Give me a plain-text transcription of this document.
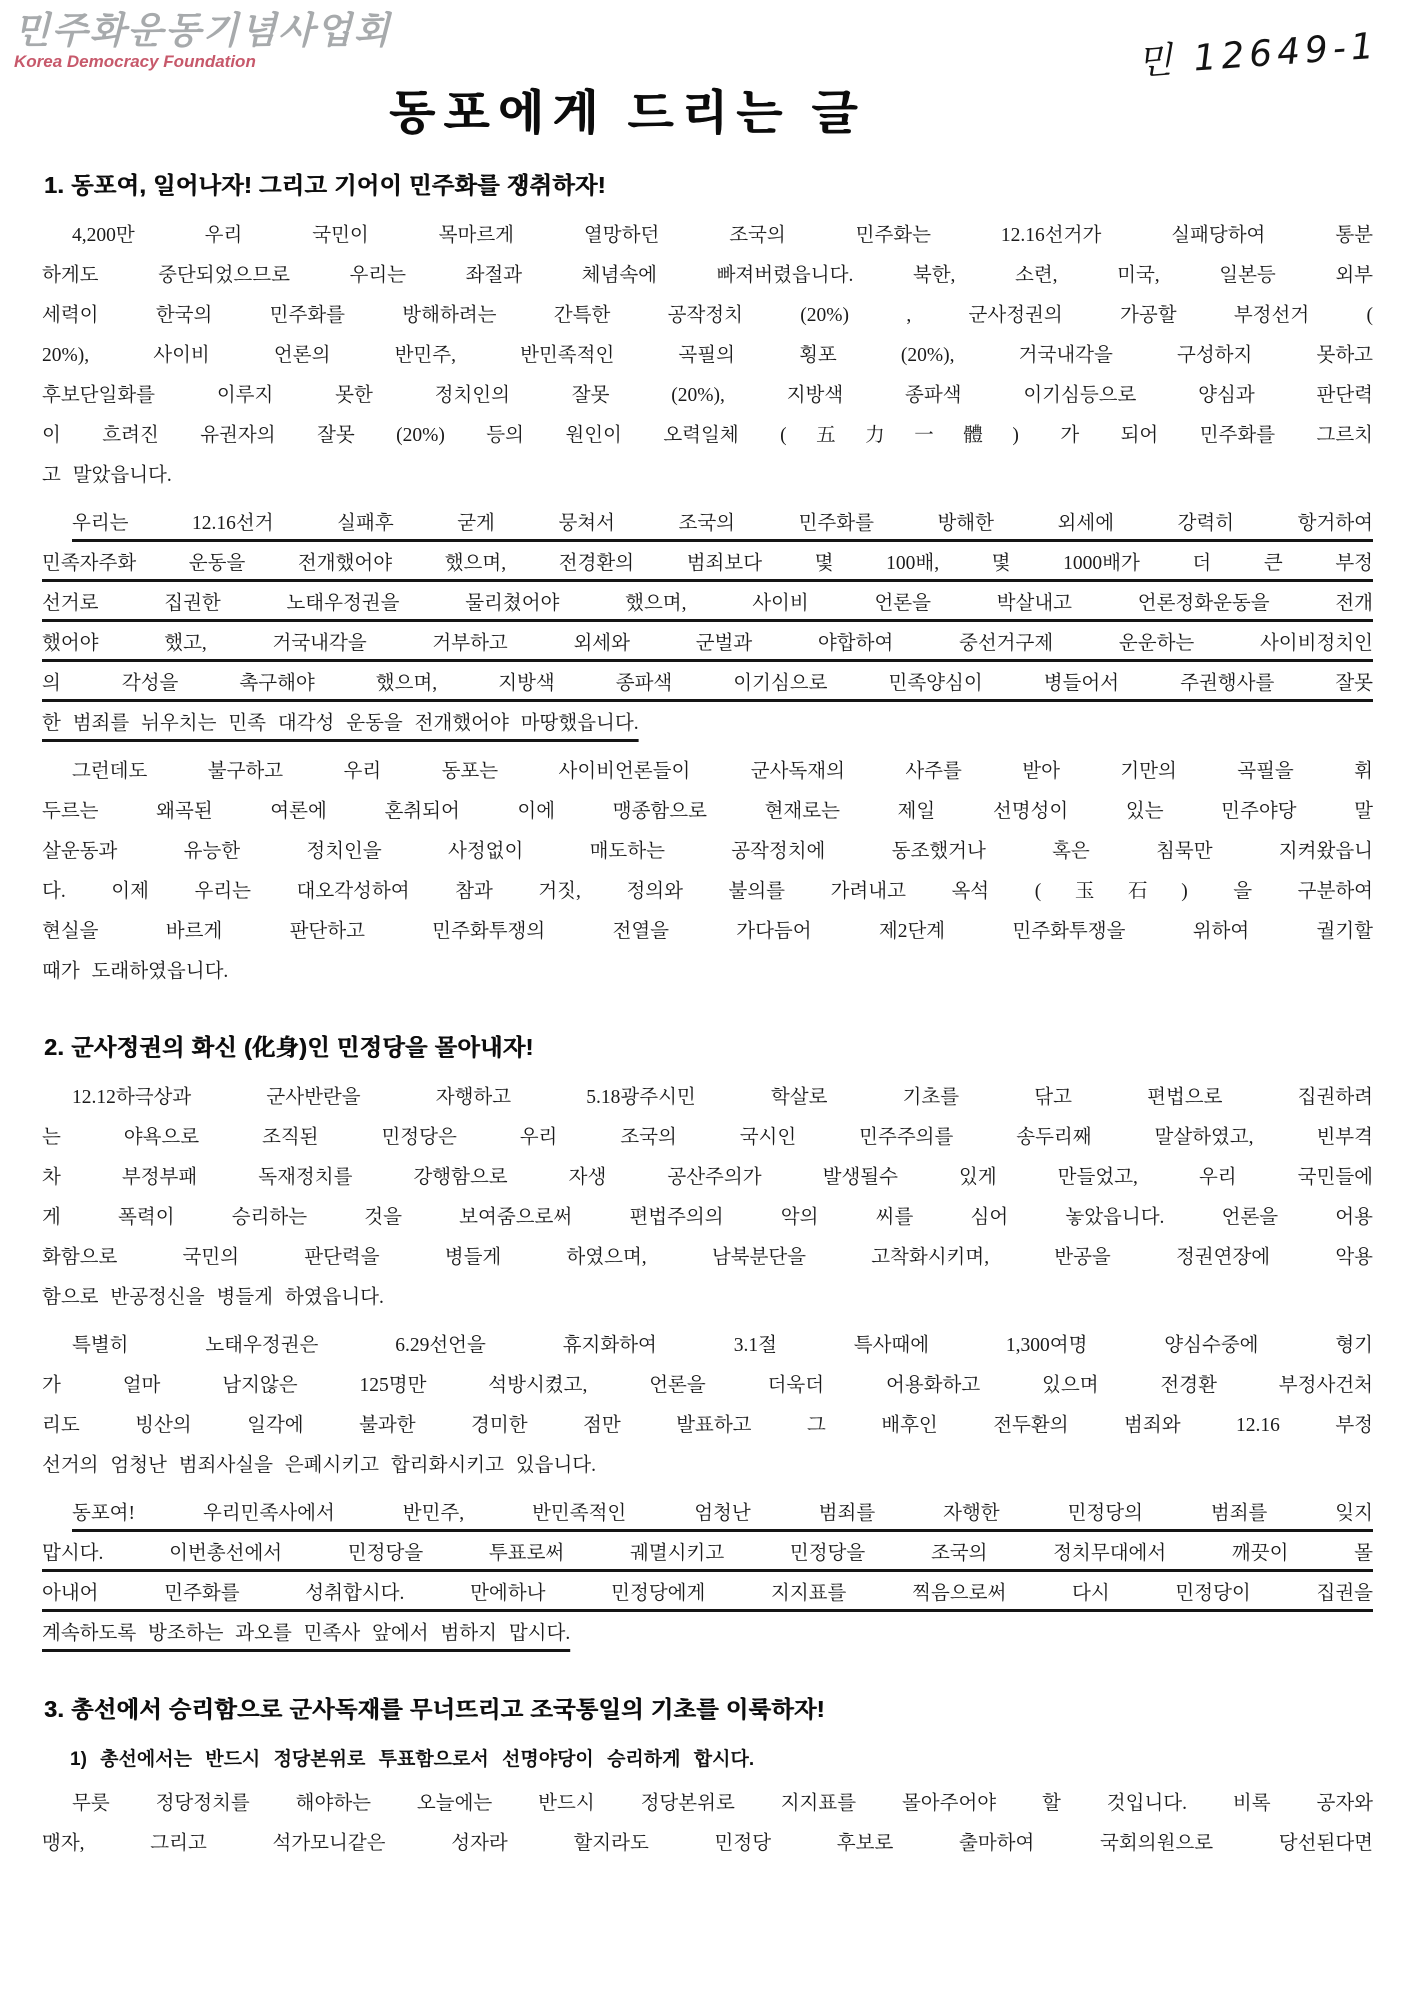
민주화운동기념사업회
Korea Democracy Foundation	민 12649-1
동포에게 드리는 글
1. 동포여, 일어나자! 그리고 기어이 민주화를 쟁취하자!
4,200만 우리 국민이 목마르게 열망하던 조국의 민주화는 12.16선거가 실패당하여 통분
하게도 중단되었으므로 우리는 좌절과 체념속에 빠져버렸읍니다. 북한, 소련, 미국, 일본등 외부
세력이 한국의 민주화를 방해하려는 간특한 공작정치 (20%) , 군사정권의 가공할 부정선거 (
20%), 사이비 언론의 반민주, 반민족적인 곡필의 횡포 (20%), 거국내각을 구성하지 못하고
후보단일화를 이루지 못한 정치인의 잘못 (20%), 지방색 종파색 이기심등으로 양심과 판단력
이 흐려진 유권자의 잘못 (20%) 등의 원인이 오력일체 (五力一體) 가 되어 민주화를 그르치
고 말았읍니다.
우리는 12.16선거 실패후 굳게 뭉쳐서 조국의 민주화를 방해한 외세에 강력히 항거하여
민족자주화 운동을 전개했어야 했으며, 전경환의 범죄보다 몇 100배, 몇 1000배가 더 큰 부정
선거로 집권한 노태우정권을 물리쳤어야 했으며, 사이비 언론을 박살내고 언론정화운동을 전개
했어야 했고, 거국내각을 거부하고 외세와 군벌과 야합하여 중선거구제 운운하는 사이비정치인
의 각성을 촉구해야 했으며, 지방색 종파색 이기심으로 민족양심이 병들어서 주권행사를 잘못
한 범죄를 뉘우치는 민족 대각성 운동을 전개했어야 마땅했읍니다.
그런데도 불구하고 우리 동포는 사이비언론들이 군사독재의 사주를 받아 기만의 곡필을 휘
두르는 왜곡된 여론에 혼취되어 이에 맹종함으로 현재로는 제일 선명성이 있는 민주야당 말
살운동과 유능한 정치인을 사정없이 매도하는 공작정치에 동조했거나 혹은 침묵만 지켜왔읍니
다. 이제 우리는 대오각성하여 참과 거짓, 정의와 불의를 가려내고 옥석 (玉石) 을 구분하여
현실을 바르게 판단하고 민주화투쟁의 전열을 가다듬어 제2단계 민주화투쟁을 위하여 궐기할
때가 도래하였읍니다.
2. 군사정권의 화신 (化身)인 민정당을 몰아내자!
12.12하극상과 군사반란을 자행하고 5.18광주시민 학살로 기초를 닦고 편법으로 집권하려
는 야욕으로 조직된 민정당은 우리 조국의 국시인 민주주의를 송두리째 말살하였고, 빈부격
차 부정부패 독재정치를 강행함으로 자생 공산주의가 발생될수 있게 만들었고, 우리 국민들에
게 폭력이 승리하는 것을 보여줌으로써 편법주의의 악의 씨를 심어 놓았읍니다. 언론을 어용
화함으로 국민의 판단력을 병들게 하였으며, 남북분단을 고착화시키며, 반공을 정권연장에 악용
함으로 반공정신을 병들게 하였읍니다.
특별히 노태우정권은 6.29선언을 휴지화하여 3.1절 특사때에 1,300여명 양심수중에 형기
가 얼마 남지않은 125명만 석방시켰고, 언론을 더욱더 어용화하고 있으며 전경환 부정사건처
리도 빙산의 일각에 불과한 경미한 점만 발표하고 그 배후인 전두환의 범죄와 12.16 부정
선거의 엄청난 범죄사실을 은폐시키고 합리화시키고 있읍니다.
동포여! 우리민족사에서 반민주, 반민족적인 엄청난 범죄를 자행한 민정당의 범죄를 잊지
맙시다. 이번총선에서 민정당을 투표로써 궤멸시키고 민정당을 조국의 정치무대에서 깨끗이 몰
아내어 민주화를 성취합시다. 만에하나 민정당에게 지지표를 찍음으로써 다시 민정당이 집권을
계속하도록 방조하는 과오를 민족사 앞에서 범하지 맙시다.
3. 총선에서 승리함으로 군사독재를 무너뜨리고 조국통일의 기초를 이룩하자!
1) 총선에서는 반드시 정당본위로 투표함으로서 선명야당이 승리하게 합시다.
무릇 정당정치를 해야하는 오늘에는 반드시 정당본위로 지지표를 몰아주어야 할 것입니다. 비록 공자와
맹자, 그리고 석가모니같은 성자라 할지라도 민정당 후보로 출마하여 국회의원으로 당선된다면
